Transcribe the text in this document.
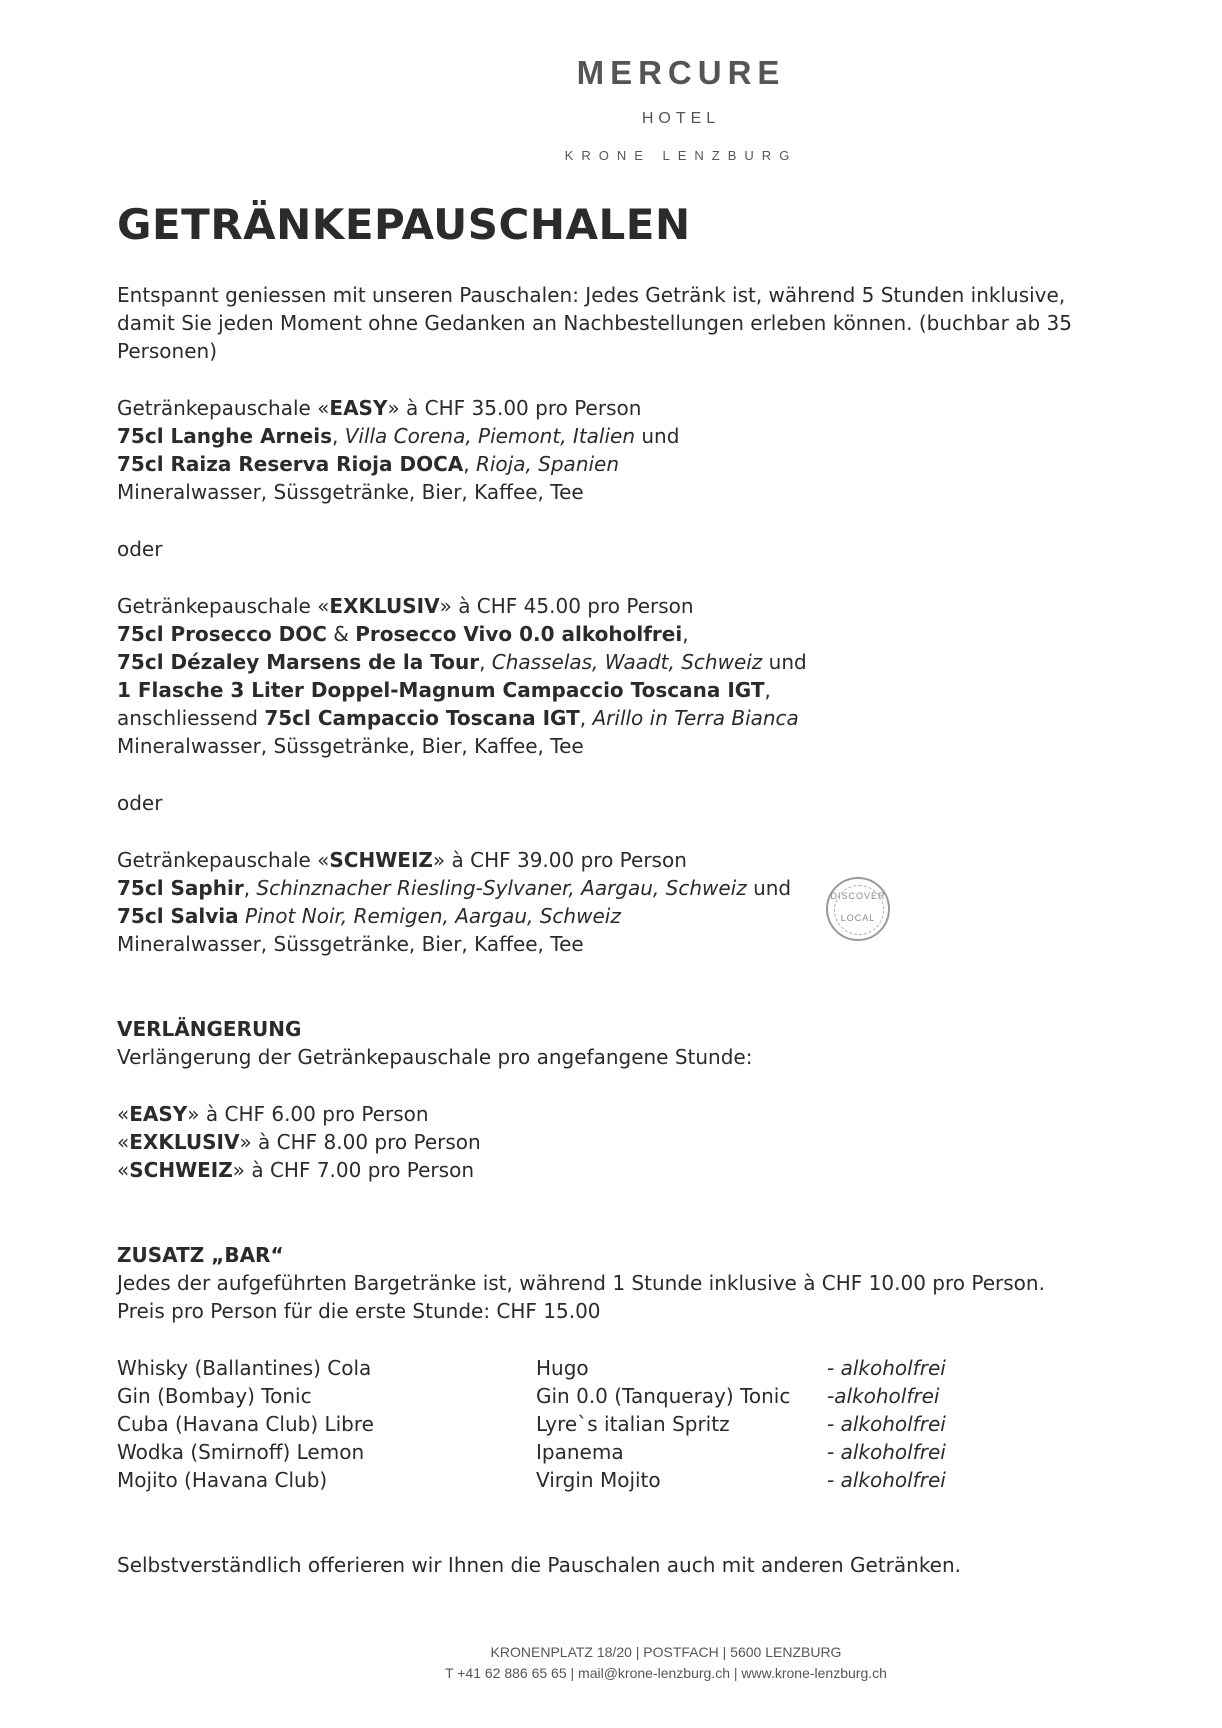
MERCURE
HOTEL
KRONE LENZBURG
GETRÄNKEPAUSCHALEN
Entspannt geniessen mit unseren Pauschalen: Jedes Getränk ist, während 5 Stunden inklusive,
damit Sie jeden Moment ohne Gedanken an Nachbestellungen erleben können. (buchbar ab 35
Personen)
Getränkepauschale «EASY» à CHF 35.00 pro Person
75cl Langhe Arneis, Villa Corena, Piemont, Italien und
75cl Raiza Reserva Rioja DOCA, Rioja, Spanien
Mineralwasser, Süssgetränke, Bier, Kaffee, Tee
oder
Getränkepauschale «EXKLUSIV» à CHF 45.00 pro Person
75cl Prosecco DOC & Prosecco Vivo 0.0 alkoholfrei,
75cl Dézaley Marsens de la Tour, Chasselas, Waadt, Schweiz und
1 Flasche 3 Liter Doppel-Magnum Campaccio Toscana IGT,
anschliessend 75cl Campaccio Toscana IGT, Arillo in Terra Bianca
Mineralwasser, Süssgetränke, Bier, Kaffee, Tee
oder
Getränkepauschale «SCHWEIZ» à CHF 39.00 pro Person
75cl Saphir, Schinznacher Riesling-Sylvaner, Aargau, Schweiz und
75cl Salvia Pinot Noir, Remigen, Aargau, Schweiz
Mineralwasser, Süssgetränke, Bier, Kaffee, Tee
DISCOVER
LOCAL
VERLÄNGERUNG
Verlängerung der Getränkepauschale pro angefangene Stunde:
«EASY» à CHF 6.00 pro Person
«EXKLUSIV» à CHF 8.00 pro Person
«SCHWEIZ» à CHF 7.00 pro Person
ZUSATZ „BAR“
Jedes der aufgeführten Bargetränke ist, während 1 Stunde inklusive à CHF 10.00 pro Person.
Preis pro Person für die erste Stunde: CHF 15.00
Whisky (Ballantines) Cola
Gin (Bombay) Tonic
Cuba (Havana Club) Libre
Wodka (Smirnoff) Lemon
Mojito (Havana Club)
Hugo
Gin 0.0 (Tanqueray) Tonic
Lyre`s italian Spritz
Ipanema
Virgin Mojito
- alkoholfrei
-alkoholfrei
- alkoholfrei
- alkoholfrei
- alkoholfrei
Selbstverständlich offerieren wir Ihnen die Pauschalen auch mit anderen Getränken.
KRONENPLATZ 18/20 | POSTFACH | 5600 LENZBURG
T +41 62 886 65 65 | mail@krone-lenzburg.ch | www.krone-lenzburg.ch
